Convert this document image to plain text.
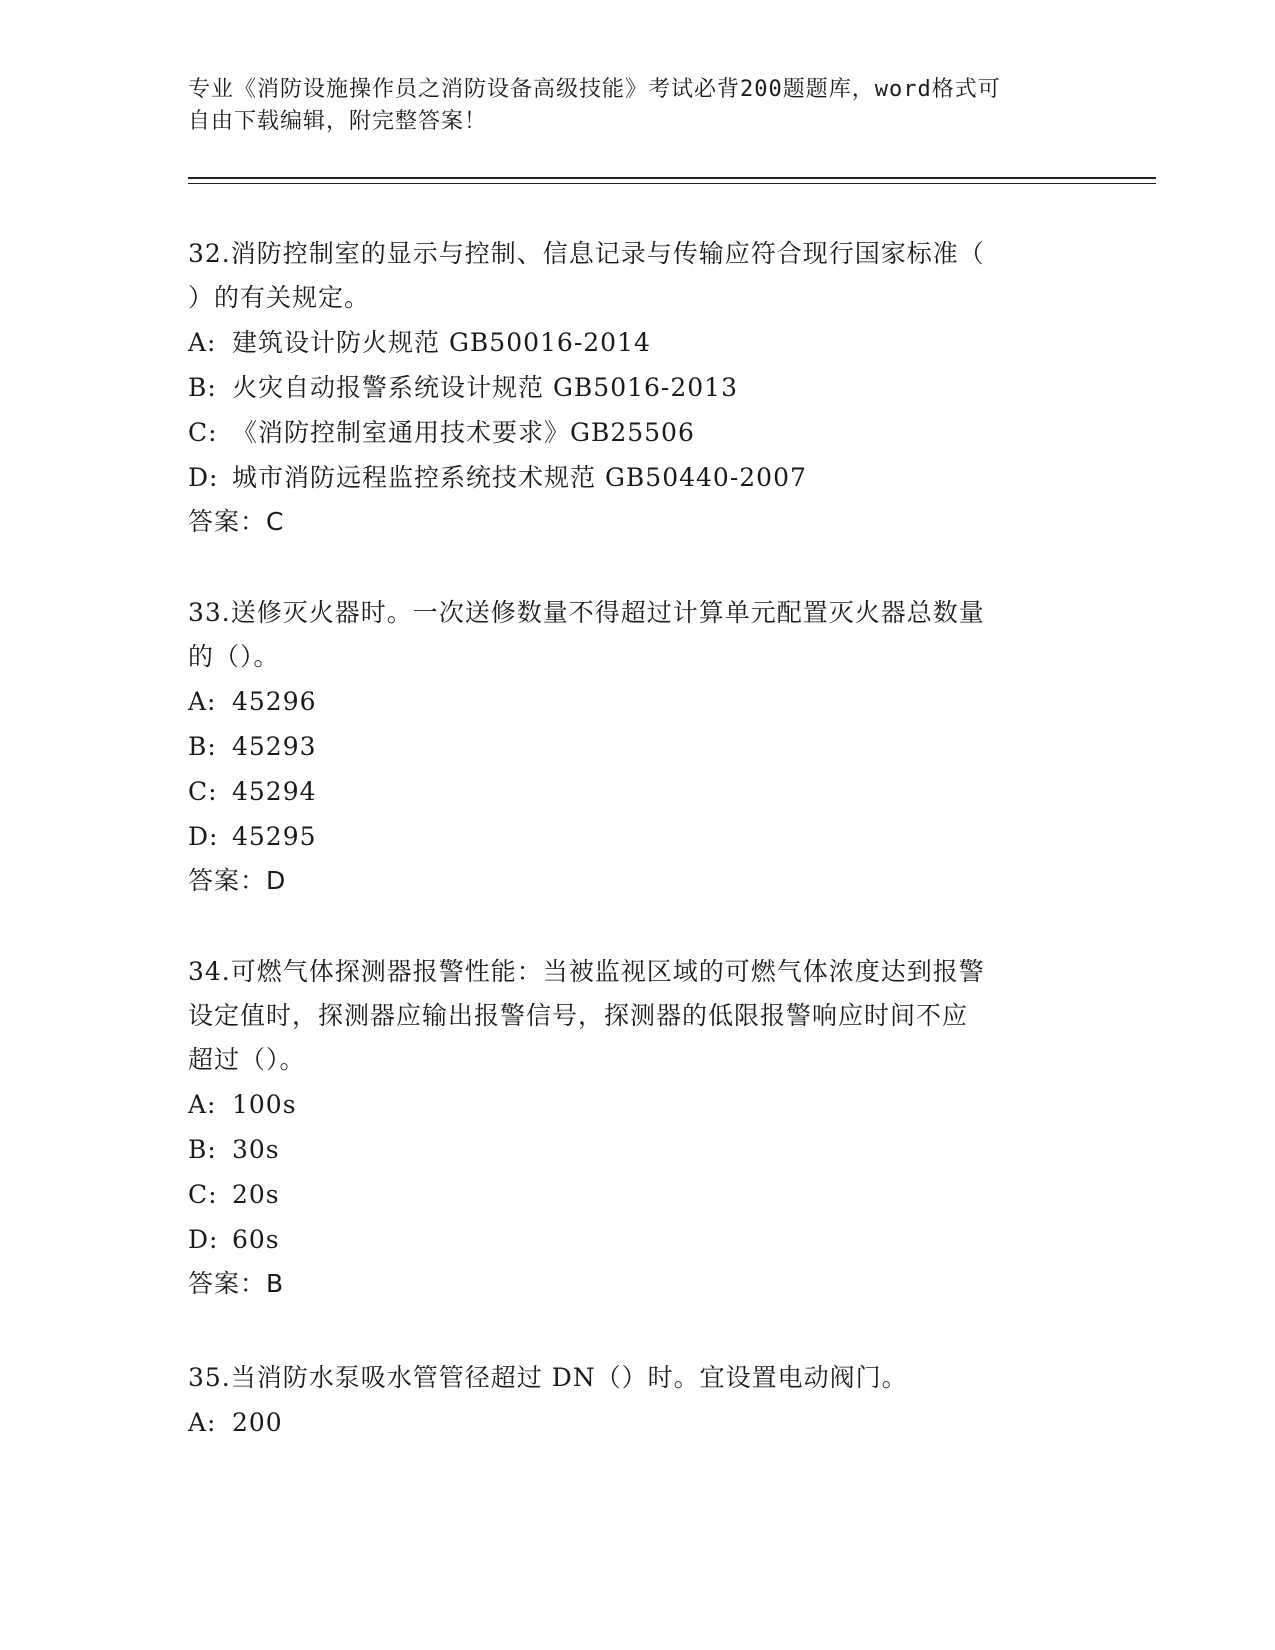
专业《消防设施操作员之消防设备高级技能》考试必背200题题库，word格式可
自由下载编辑，附完整答案！
32.消防控制室的显示与控制、信息记录与传输应符合现行国家标准（
）的有关规定。
A: 建筑设计防火规范 GB50016-2014
B: 火灾自动报警系统设计规范 GB5016-2013
C: 《消防控制室通用技术要求》GB25506
D: 城市消防远程监控系统技术规范 GB50440-2007
答案：C
33.送修灭火器时。一次送修数量不得超过计算单元配置灭火器总数量
的（）。
A: 45296
B: 45293
C: 45294
D: 45295
答案：D
34.可燃气体探测器报警性能：当被监视区域的可燃气体浓度达到报警
设定值时，探测器应输出报警信号，探测器的低限报警响应时间不应
超过（）。
A: 100s
B: 30s
C: 20s
D: 60s
答案：B
35.当消防水泵吸水管管径超过 DN（）时。宜设置电动阀门。
A: 200
